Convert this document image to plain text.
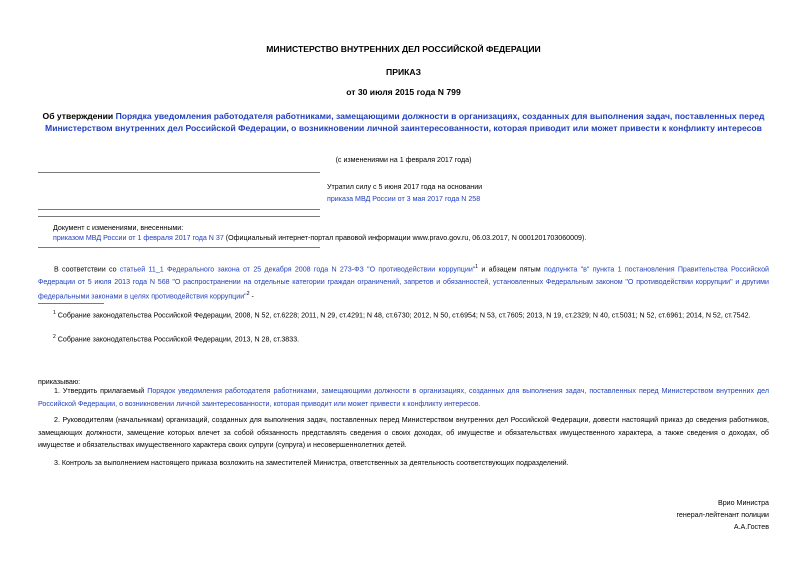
МИНИСТЕРСТВО ВНУТРЕННИХ ДЕЛ РОССИЙСКОЙ ФЕДЕРАЦИИ
ПРИКАЗ
от 30 июля 2015 года N 799
Об утверждении Порядка уведомления работодателя работниками, замещающими должности в организациях, созданных для выполнения задач, поставленных перед Министерством внутренних дел Российской Федерации, о возникновении личной заинтересованности, которая приводит или может привести к конфликту интересов
(с изменениями на 1 февраля 2017 года)
Утратил силу с 5 июня 2017 года на основании
приказа МВД России от 3 мая 2017 года N 258
Документ с изменениями, внесенными:
приказом МВД России от 1 февраля 2017 года N 37 (Официальный интернет-портал правовой информации www.pravo.gov.ru, 06.03.2017, N 0001201703060009).
В соответствии со статьей 11_1 Федерального закона от 25 декабря 2008 года N 273-ФЗ "О противодействии коррупции"$^1$ и абзацем пятым подпункта "в" пункта 1 постановления Правительства Российской Федерации от 5 июля 2013 года N 568 "О распространении на отдельные категории граждан ограничений, запретов и обязанностей, установленных Федеральным законом "О противодействии коррупции" и другими федеральными законами в целях противодействия коррупции"$^2$ -
$^1$ Собрание законодательства Российской Федерации, 2008, N 52, ст.6228; 2011, N 29, ст.4291; N 48, ст.6730; 2012, N 50, ст.6954; N 53, ст.7605; 2013, N 19, ст.2329; N 40, ст.5031; N 52, ст.6961; 2014, N 52, ст.7542.
$^2$ Собрание законодательства Российской Федерации, 2013, N 28, ст.3833.
приказываю:
1. Утвердить прилагаемый Порядок уведомления работодателя работниками, замещающими должности в организациях, созданных для выполнения задач, поставленных перед Министерством внутренних дел Российской Федерации, о возникновении личной заинтересованности, которая приводит или может привести к конфликту интересов.
2. Руководителям (начальникам) организаций, созданных для выполнения задач, поставленных перед Министерством внутренних дел Российской Федерации, довести настоящий приказ до сведения работников, замещающих должности, замещение которых влечет за собой обязанность представлять сведения о своих доходах, об имуществе и обязательствах имущественного характера, а также сведения о доходах, об имуществе и обязательствах имущественного характера своих супруги (супруга) и несовершеннолетних детей.
3. Контроль за выполнением настоящего приказа возложить на заместителей Министра, ответственных за деятельность соответствующих подразделений.
Врио Министра
генерал-лейтенант полиции
А.А.Гостев
